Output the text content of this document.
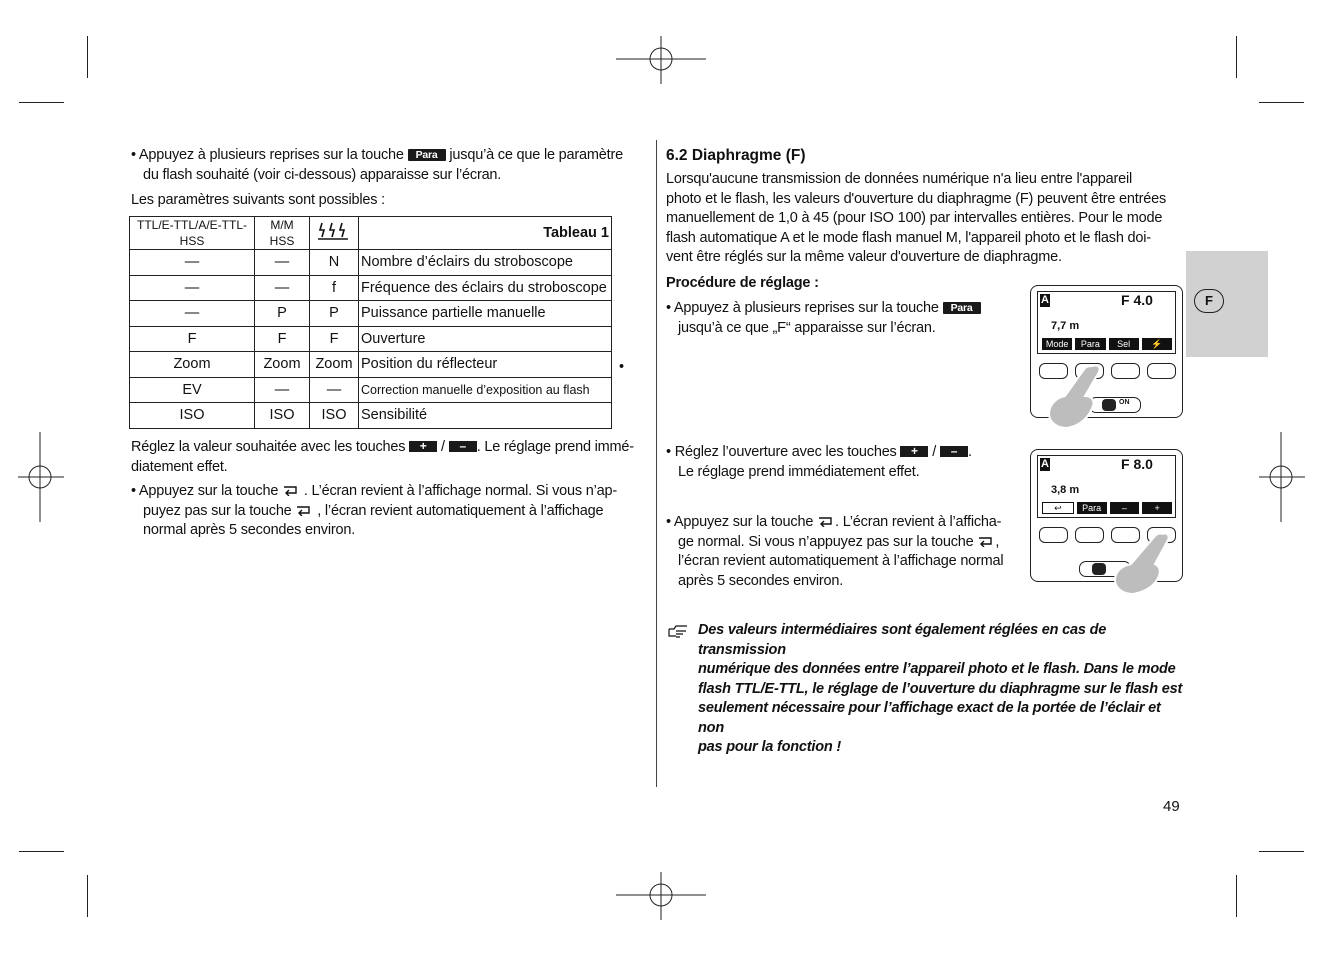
• Appuyez à plusieurs reprises sur la touche Para jusqu’à ce que le paramètre
du flash souhaité (voir ci-dessous) apparaisse sur l’écran.
Les paramètres suivants sont possibles :
TTL/E-TTL/A/E-TTL-HSS	M/M HSS		Tableau 1
—	—	N	Nombre d’éclairs du stroboscope
—	—	f	Fréquence des éclairs du stroboscope
—	P	P	Puissance partielle manuelle
F	F	F	Ouverture
Zoom	Zoom	Zoom	Position du réflecteur
EV	—	—	Correction manuelle d’exposition au flash
ISO	ISO	ISO	Sensibilité
•
Réglez la valeur souhaitée avec les touches + / – . Le réglage prend immé-
diatement effet.
• Appuyez sur la touche . L’écran revient à l’affichage normal. Si vous n’ap-
puyez pas sur la touche , l’écran revient automatiquement à l’affichage
normal après 5 secondes environ.
6.2 Diaphragme (F)
Lorsqu'aucune transmission de données numérique n'a lieu entre l'appareil
photo et le flash, les valeurs d'ouverture du diaphragme (F) peuvent être entrées
manuellement de 1,0 à 45 (pour ISO 100) par intervalles entières. Pour le mode
flash automatique A et le mode flash manuel M, l'appareil photo et le flash doi-
vent être réglés sur la même valeur d'ouverture de diaphragme.
Procédure de réglage :
• Appuyez à plusieurs reprises sur la touche Para
jusqu’à ce que „F“ apparaisse sur l’écran.
• Réglez l’ouverture avec les touches + / – .
Le réglage prend immédiatement effet.
• Appuyez sur la touche . L’écran revient à l’afficha-
ge normal. Si vous n’appuyez pas sur la touche ,
l’écran revient automatiquement à l’affichage normal
après 5 secondes environ.
A	F 4.0
7,7 m
Mode	Para	Sel	⚡
ON
A	F 8.0
3,8 m
↩	Para	–	+
Des valeurs intermédiaires sont également réglées en cas de transmission
numérique des données entre l’appareil photo et le flash. Dans le mode
flash TTL/E-TTL, le réglage de l’ouverture du diaphragme sur le flash est
seulement nécessaire pour l’affichage exact de la portée de l’éclair et non
pas pour la fonction !
F
49
